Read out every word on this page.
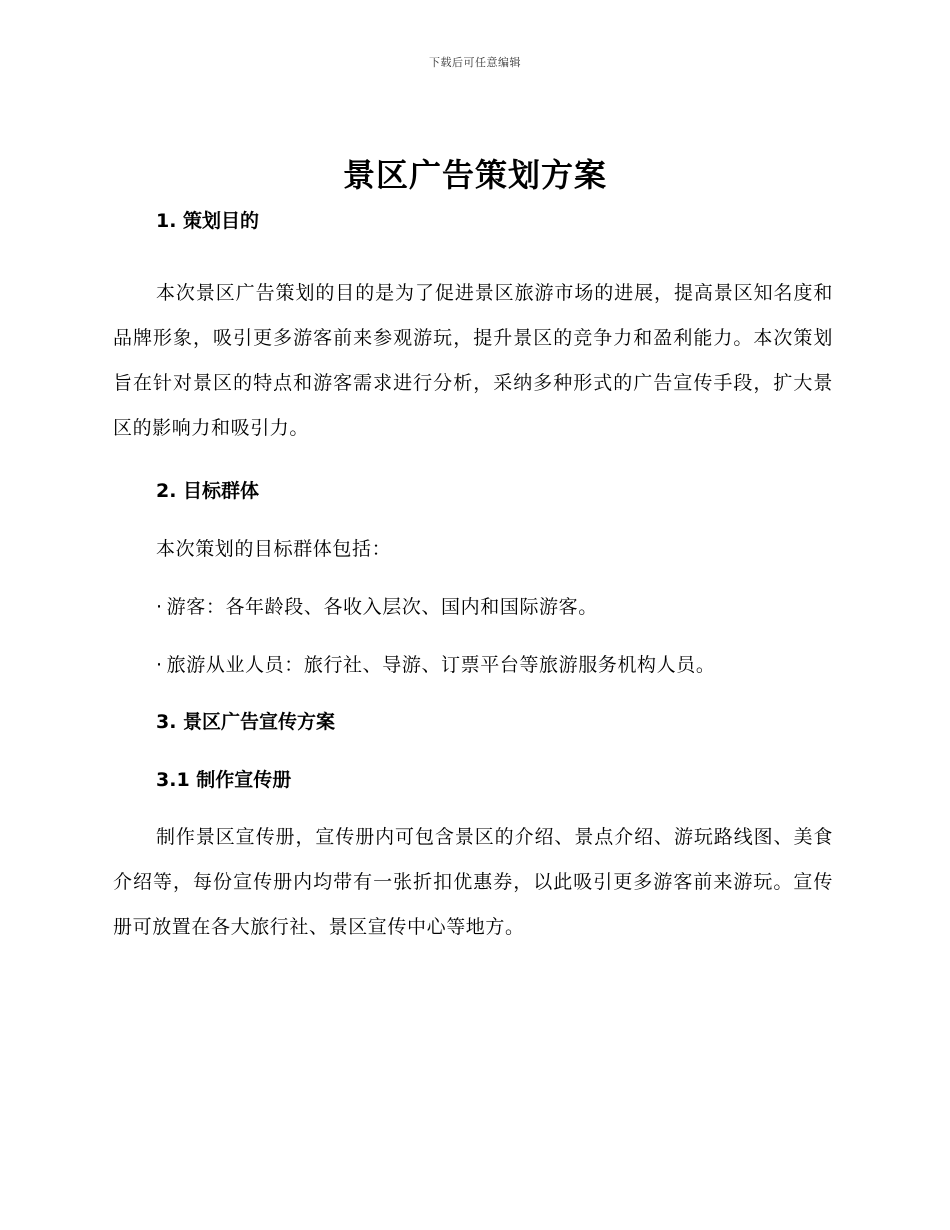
下载后可任意编辑
景区广告策划方案
1. 策划目的

本次景区广告策划的目的是为了促进景区旅游市场的进展，提高景区知名度和品牌形象，吸引更多游客前来参观游玩，提升景区的竞争力和盈利能力。本次策划旨在针对景区的特点和游客需求进行分析，采纳多种形式的广告宣传手段，扩大景区的影响力和吸引力。

2. 目标群体

本次策划的目标群体包括：

· 游客：各年龄段、各收入层次、国内和国际游客。

· 旅游从业人员：旅行社、导游、订票平台等旅游服务机构人员。

3. 景区广告宣传方案
3.1 制作宣传册

制作景区宣传册，宣传册内可包含景区的介绍、景点介绍、游玩路线图、美食介绍等，每份宣传册内均带有一张折扣优惠券，以此吸引更多游客前来游玩。宣传册可放置在各大旅行社、景区宣传中心等地方。
